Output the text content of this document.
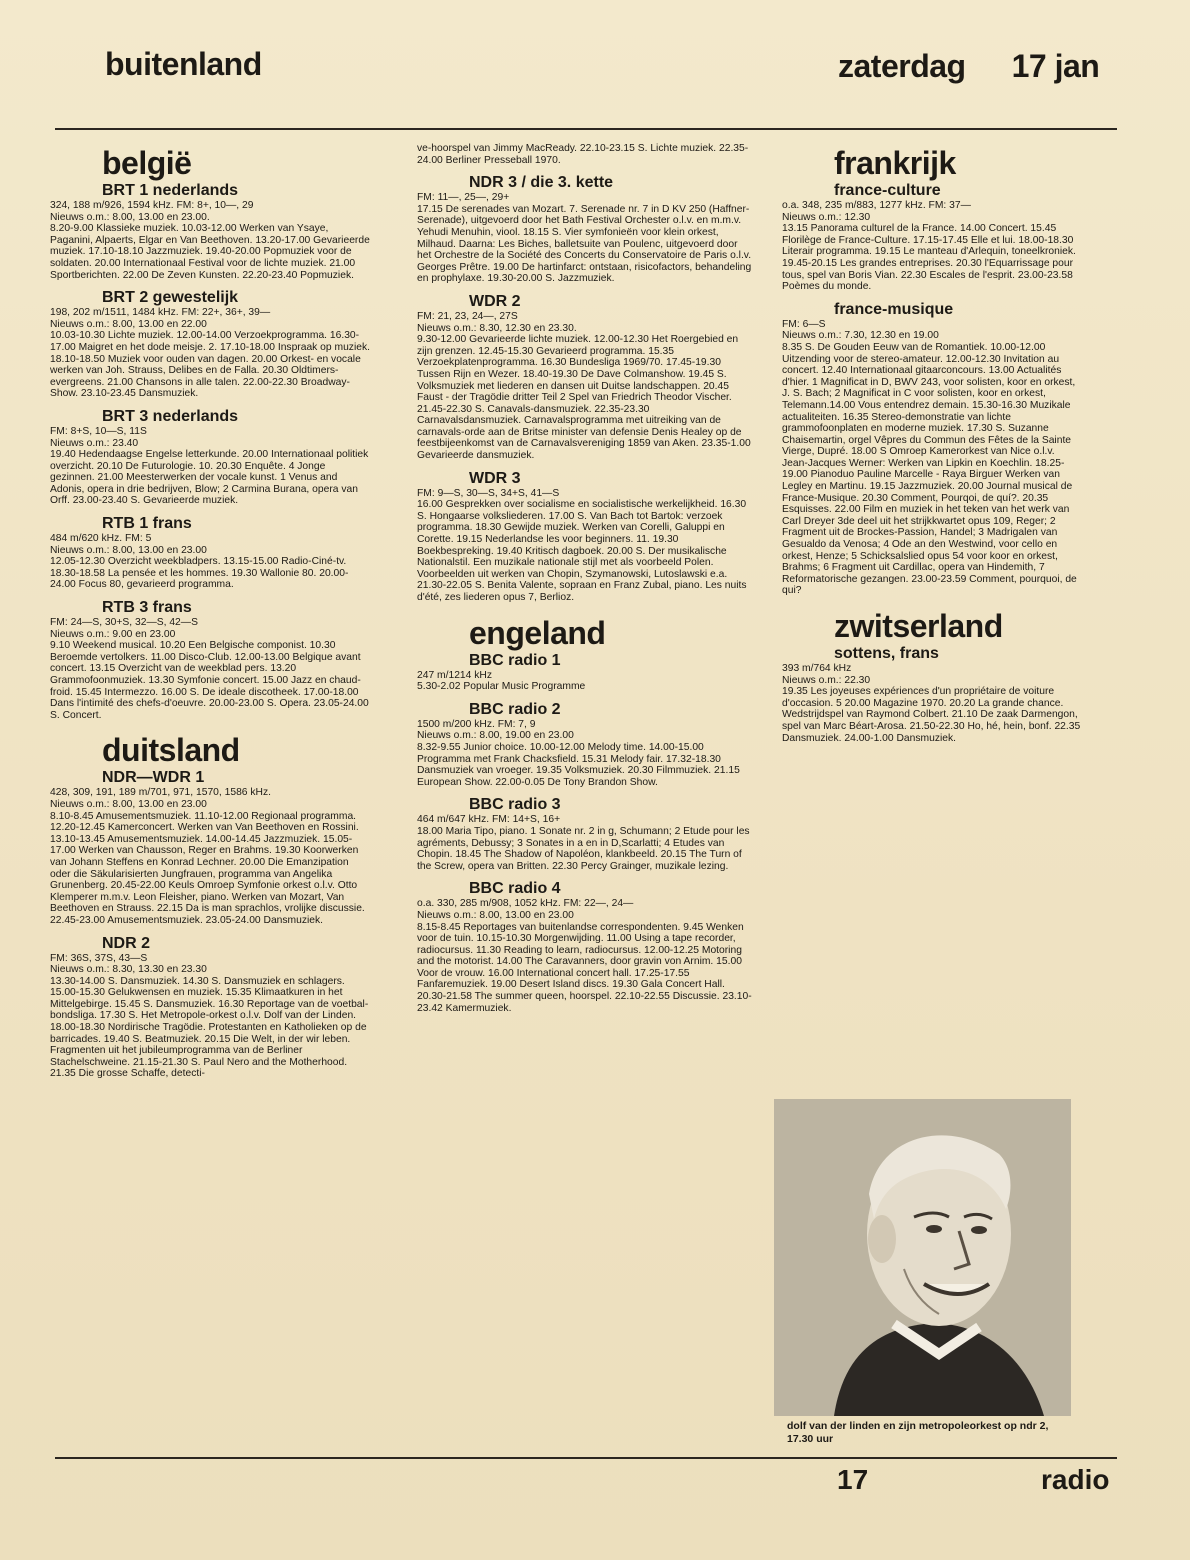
buitenland	zaterdag 17 jan
belgië
BRT 1 nederlands

324, 188 m/926, 1594 kHz. FM: 8+, 10—, 29

Nieuws o.m.: 8.00, 13.00 en 23.00.

8.20-9.00 Klassieke muziek. 10.03-12.00 Werken van Ysaye, Paganini, Alpaerts, Elgar en Van Beethoven. 13.20-17.00 Gevarieerde muziek. 17.10-18.10 Jazzmuziek. 19.40-20.00 Popmuziek voor de soldaten. 20.00 Internationaal Festival voor de lichte muziek. 21.00 Sportberichten. 22.00 De Zeven Kunsten. 22.20-23.40 Popmuziek.

BRT 2 gewestelijk

198, 202 m/1511, 1484 kHz. FM: 22+, 36+, 39—

Nieuws o.m.: 8.00, 13.00 en 22.00

10.03-10.30 Lichte muziek. 12.00-14.00 Verzoekprogramma. 16.30-17.00 Maigret en het dode meisje. 2. 17.10-18.00 Inspraak op muziek. 18.10-18.50 Muziek voor ouden van dagen. 20.00 Orkest- en vocale werken van Joh. Strauss, Delibes en de Falla. 20.30 Oldtimers-evergreens. 21.00 Chansons in alle talen. 22.00-22.30 Broadway-Show. 23.10-23.45 Dansmuziek.

BRT 3 nederlands

FM: 8+S, 10—S, 11S

Nieuws o.m.: 23.40

19.40 Hedendaagse Engelse letterkunde. 20.00 Internationaal politiek overzicht. 20.10 De Futurologie. 10. 20.30 Enquête. 4 Jonge gezinnen. 21.00 Meesterwerken der vocale kunst. 1 Venus and Adonis, opera in drie bedrijven, Blow; 2 Carmina Burana, opera van Orff. 23.00-23.40 S. Gevarieerde muziek.

RTB 1 frans

484 m/620 kHz. FM: 5

Nieuws o.m.: 8.00, 13.00 en 23.00

12.05-12.30 Overzicht weekbladpers. 13.15-15.00 Radio-Ciné-tv. 18.30-18.58 La pensée et les hommes. 19.30 Wallonie 80. 20.00-24.00 Focus 80, gevarieerd programma.

RTB 3 frans

FM: 24—S, 30+S, 32—S, 42—S

Nieuws o.m.: 9.00 en 23.00

9.10 Weekend musical. 10.20 Een Belgische componist. 10.30 Beroemde vertolkers. 11.00 Disco-Club. 12.00-13.00 Belgique avant concert. 13.15 Overzicht van de weekblad pers. 13.20 Grammofoonmuziek. 13.30 Symfonie concert. 15.00 Jazz en chaud-froid. 15.45 Intermezzo. 16.00 S. De ideale discotheek. 17.00-18.00 Dans l'intimité des chefs-d'oeuvre. 20.00-23.00 S. Opera. 23.05-24.00 S. Concert.

duitsland
NDR—WDR 1

428, 309, 191, 189 m/701, 971, 1570, 1586 kHz.

Nieuws o.m.: 8.00, 13.00 en 23.00

8.10-8.45 Amusementsmuziek. 11.10-12.00 Regionaal programma. 12.20-12.45 Kamerconcert. Werken van Van Beethoven en Rossini. 13.10-13.45 Amusementsmuziek. 14.00-14.45 Jazzmuziek. 15.05-17.00 Werken van Chausson, Reger en Brahms. 19.30 Koorwerken van Johann Steffens en Konrad Lechner. 20.00 Die Emanzipation oder die Säkularisierten Jungfrauen, programma van Angelika Grunenberg. 20.45-22.00 Keuls Omroep Symfonie orkest o.l.v. Otto Klemperer m.m.v. Leon Fleisher, piano. Werken van Mozart, Van Beethoven en Strauss. 22.15 Da is man sprachlos, vrolijke discussie. 22.45-23.00 Amusementsmuziek. 23.05-24.00 Dansmuziek.

NDR 2

FM: 36S, 37S, 43—S

Nieuws o.m.: 8.30, 13.30 en 23.30

13.30-14.00 S. Dansmuziek. 14.30 S. Dansmuziek en schlagers. 15.00-15.30 Gelukwensen en muziek. 15.35 Klimaatkuren in het Mittelgebirge. 15.45 S. Dansmuziek. 16.30 Reportage van de voetbal-bondsliga. 17.30 S. Het Metropole-orkest o.l.v. Dolf van der Linden. 18.00-18.30 Nordirische Tragödie. Protestanten en Katholieken op de barricades. 19.40 S. Beatmuziek. 20.15 Die Welt, in der wir leben. Fragmenten uit het jubileumprogramma van de Berliner Stachelschweine. 21.15-21.30 S. Paul Nero and the Motherhood. 21.35 Die grosse Schaffe, detecti-

ve-hoorspel van Jimmy MacReady. 22.10-23.15 S. Lichte muziek. 22.35-24.00 Berliner Presseball 1970.

NDR 3 / die 3. kette

FM: 11—, 25—, 29+

17.15 De serenades van Mozart. 7. Serenade nr. 7 in D KV 250 (Haffner-Serenade), uitgevoerd door het Bath Festival Orchester o.l.v. en m.m.v. Yehudi Menuhin, viool. 18.15 S. Vier symfonieën voor klein orkest, Milhaud. Daarna: Les Biches, balletsuite van Poulenc, uitgevoerd door het Orchestre de la Société des Concerts du Conservatoire de Paris o.l.v. Georges Prêtre. 19.00 De hartinfarct: ontstaan, risicofactors, behandeling en prophylaxe. 19.30-20.00 S. Jazzmuziek.

WDR 2

FM: 21, 23, 24—, 27S

Nieuws o.m.: 8.30, 12.30 en 23.30.

9.30-12.00 Gevarieerde lichte muziek. 12.00-12.30 Het Roergebied en zijn grenzen. 12.45-15.30 Gevarieerd programma. 15.35 Verzoekplatenprogramma. 16.30 Bundesliga 1969/70. 17.45-19.30 Tussen Rijn en Wezer. 18.40-19.30 De Dave Colmanshow. 19.45 S. Volksmuziek met liederen en dansen uit Duitse landschappen. 20.45 Faust - der Tragödie dritter Teil 2 Spel van Friedrich Theodor Vischer. 21.45-22.30 S. Canavals-dansmuziek. 22.35-23.30 Carnavalsdansmuziek. Carnavalsprogramma met uitreiking van de carnavals-orde aan de Britse minister van defensie Denis Healey op de feestbijeenkomst van de Carnavalsvereniging 1859 van Aken. 23.35-1.00 Gevarieerde dansmuziek.

WDR 3

FM: 9—S, 30—S, 34+S, 41—S

16.00 Gesprekken over socialisme en socialistische werkelijkheid. 16.30 S. Hongaarse volksliederen. 17.00 S. Van Bach tot Bartok: verzoek programma. 18.30 Gewijde muziek. Werken van Corelli, Galuppi en Corette. 19.15 Nederlandse les voor beginners. 11. 19.30 Boekbespreking. 19.40 Kritisch dagboek. 20.00 S. Der musikalische Nationalstil. Een muzikale nationale stijl met als voorbeeld Polen. Voorbeelden uit werken van Chopin, Szymanowski, Lutoslawski e.a. 21.30-22.05 S. Benita Valente, sopraan en Franz Zubal, piano. Les nuits d'été, zes liederen opus 7, Berlioz.

engeland
BBC radio 1

247 m/1214 kHz

5.30-2.02 Popular Music Programme

BBC radio 2

1500 m/200 kHz. FM: 7, 9

Nieuws o.m.: 8.00, 19.00 en 23.00

8.32-9.55 Junior choice. 10.00-12.00 Melody time. 14.00-15.00 Programma met Frank Chacksfield. 15.31 Melody fair. 17.32-18.30 Dansmuziek van vroeger. 19.35 Volksmuziek. 20.30 Filmmuziek. 21.15 European Show. 22.00-0.05 De Tony Brandon Show.

BBC radio 3

464 m/647 kHz. FM: 14+S, 16+

18.00 Maria Tipo, piano. 1 Sonate nr. 2 in g, Schumann; 2 Etude pour les agréments, Debussy; 3 Sonates in a en in D,Scarlatti; 4 Etudes van Chopin. 18.45 The Shadow of Napoléon, klankbeeld. 20.15 The Turn of the Screw, opera van Britten. 22.30 Percy Grainger, muzikale lezing.

BBC radio 4

o.a. 330, 285 m/908, 1052 kHz. FM: 22—, 24—

Nieuws o.m.: 8.00, 13.00 en 23.00

8.15-8.45 Reportages van buitenlandse correspondenten. 9.45 Wenken voor de tuin. 10.15-10.30 Morgenwijding. 11.00 Using a tape recorder, radiocursus. 11.30 Reading to learn, radiocursus. 12.00-12.25 Motoring and the motorist. 14.00 The Caravanners, door gravin von Arnim. 15.00 Voor de vrouw. 16.00 International concert hall. 17.25-17.55 Fanfaremuziek. 19.00 Desert Island discs. 19.30 Gala Concert Hall. 20.30-21.58 The summer queen, hoorspel. 22.10-22.55 Discussie. 23.10-23.42 Kamermuziek.

frankrijk
france-culture

o.a. 348, 235 m/883, 1277 kHz. FM: 37—

Nieuws o.m.: 12.30

13.15 Panorama culturel de la France. 14.00 Concert. 15.45 Florilège de France-Culture. 17.15-17.45 Elle et lui. 18.00-18.30 Literair programma. 19.15 Le manteau d'Arlequin, toneelkroniek. 19.45-20.15 Les grandes entreprises. 20.30 l'Equarrissage pour tous, spel van Boris Vian. 22.30 Escales de l'esprit. 23.00-23.58 Poèmes du monde.

france-musique

FM: 6—S

Nieuws o.m.: 7.30, 12.30 en 19.00

8.35 S. De Gouden Eeuw van de Romantiek. 10.00-12.00 Uitzending voor de stereo-amateur. 12.00-12.30 Invitation au concert. 12.40 Internationaal gitaarconcours. 13.00 Actualités d'hier. 1 Magnificat in D, BWV 243, voor solisten, koor en orkest, J. S. Bach; 2 Magnificat in C voor solisten, koor en orkest, Telemann.14.00 Vous entendrez demain. 15.30-16.30 Muzikale actualiteiten. 16.35 Stereo-demonstratie van lichte grammofoonplaten en moderne muziek. 17.30 S. Suzanne Chaisemartin, orgel Vêpres du Commun des Fêtes de la Sainte Vierge, Dupré. 18.00 S Omroep Kamerorkest van Nice o.l.v. Jean-Jacques Werner: Werken van Lipkin en Koechlin. 18.25-19.00 Pianoduo Pauline Marcelle - Raya Birguer Werken van Legley en Martinu. 19.15 Jazzmuziek. 20.00 Journal musical de France-Musique. 20.30 Comment, Pourqoi, de quí?. 20.35 Esquisses. 22.00 Film en muziek in het teken van het werk van Carl Dreyer 3de deel uit het strijkkwartet opus 109, Reger; 2 Fragment uit de Brockes-Passion, Handel; 3 Madrigalen van Gesualdo da Venosa; 4 Ode an den Westwind, voor cello en orkest, Henze; 5 Schicksalslied opus 54 voor koor en orkest, Brahms; 6 Fragment uit Cardillac, opera van Hindemith, 7 Reformatorische gezangen. 23.00-23.59 Comment, pourquoi, de qui?

zwitserland
sottens, frans

393 m/764 kHz

Nieuws o.m.: 22.30

19.35 Les joyeuses expériences d'un propriétaire de voiture d'occasion. 5 20.00 Magazine 1970. 20.20 La grande chance. Wedstrijdspel van Raymond Colbert. 21.10 De zaak Darmengon, spel van Marc Béart-Arosa. 21.50-22.30 Ho, hé, hein, bonf. 22.35 Dansmuziek. 24.00-1.00 Dansmuziek.

dolf van der linden en zijn metropoleorkest op ndr 2, 17.30 uur
17	radio
